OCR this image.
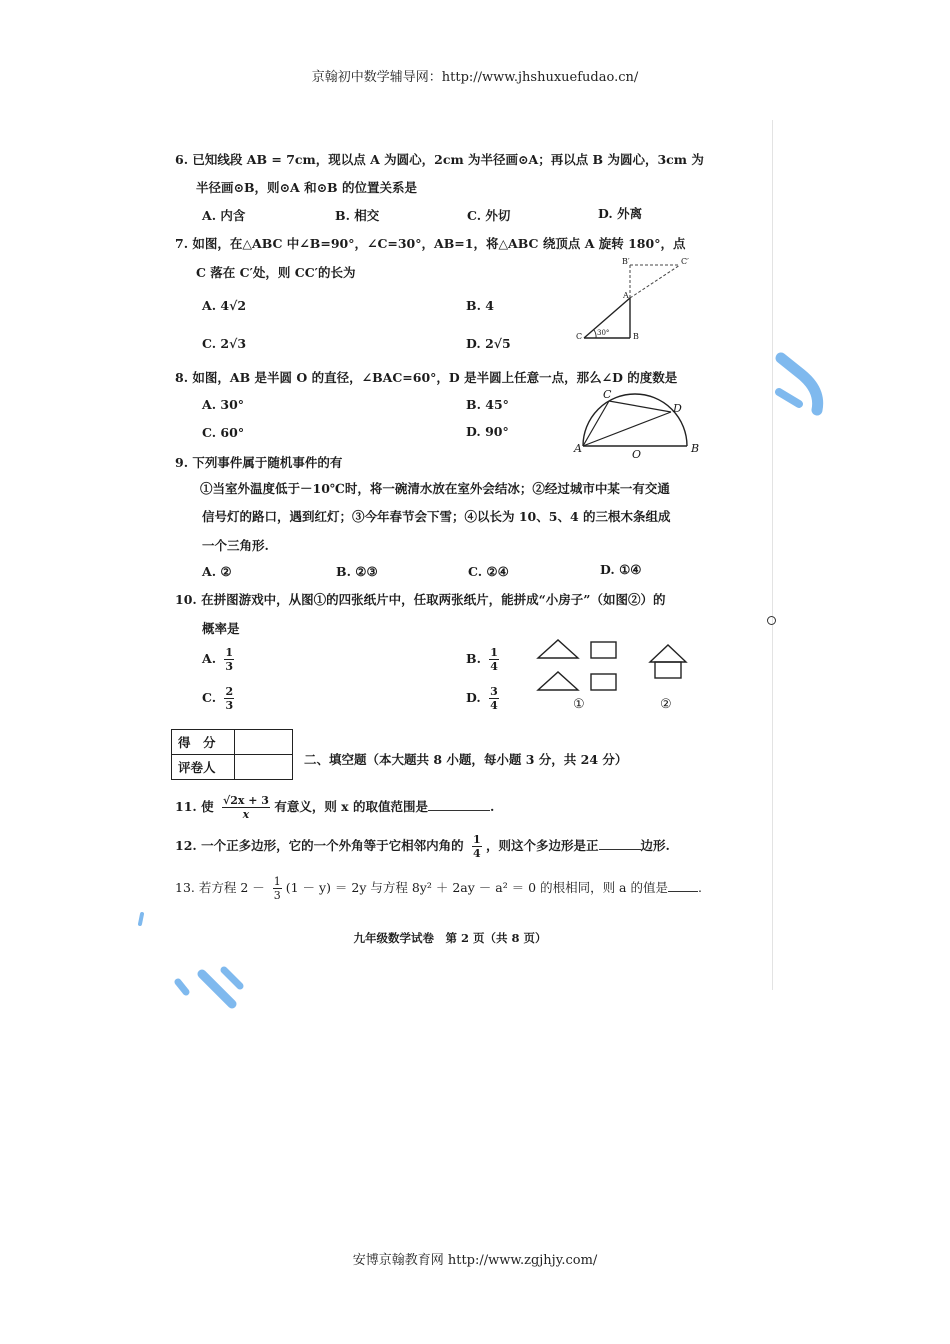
京翰初中数学辅导网：http://www.jhshuxuefudao.cn/
6. 已知线段 AB = 7cm，现以点 A 为圆心，2cm 为半径画⊙A；再以点 B 为圆心，3cm 为
半径画⊙B，则⊙A 和⊙B 的位置关系是
A. 内含	B. 相交	C. 外切	D. 外离
7. 如图，在△ABC 中∠B=90°，∠C=30°，AB=1，将△ABC 绕顶点 A 旋转 180°，点
C 落在 C′处，则 CC′的长为
A. 4√2	B. 4
C. 2√3	D. 2√5
B′	C′
A
C	B
30°
8. 如图，AB 是半圆 O 的直径，∠BAC=60°，D 是半圆上任意一点，那么∠D 的度数是
A. 30°	B. 45°
C. 60°	D. 90°
A	B
C
D
O
9. 下列事件属于随机事件的有
①当室外温度低于－10℃时，将一碗清水放在室外会结冰；②经过城市中某一有交通
信号灯的路口，遇到红灯；③今年春节会下雪；④以长为 10、5、4 的三根木条组成
一个三角形.
A. ②	B. ②③	C. ②④	D. ①④
10. 在拼图游戏中，从图①的四张纸片中，任取两张纸片，能拼成“小房子”（如图②）的
概率是
A. $\frac{1}{3}$	B. $\frac{1}{4}$
C. $\frac{2}{3}$	D. $\frac{3}{4}$	①	②
得　分	
评卷人	
二、填空题（本大题共 8 小题，每小题 3 分，共 24 分）
11. 使 $\frac{√2x + 3}{x}$ 有意义，则 x 的取值范围是	.
12. 一个正多边形，它的一个外角等于它相邻内角的 $\frac{1}{4}$ ，则这个多边形是正	边形.
13. 若方程 $2 - \frac{1}{3} (1 - y) = 2y$ 与方程 8y² ＋ 2ay － a² ＝ 0 的根相同，则 a 的值是 .
九年级数学试卷　第 2 页（共 8 页）
安博京翰教育网 http://www.zgjhjy.com/
